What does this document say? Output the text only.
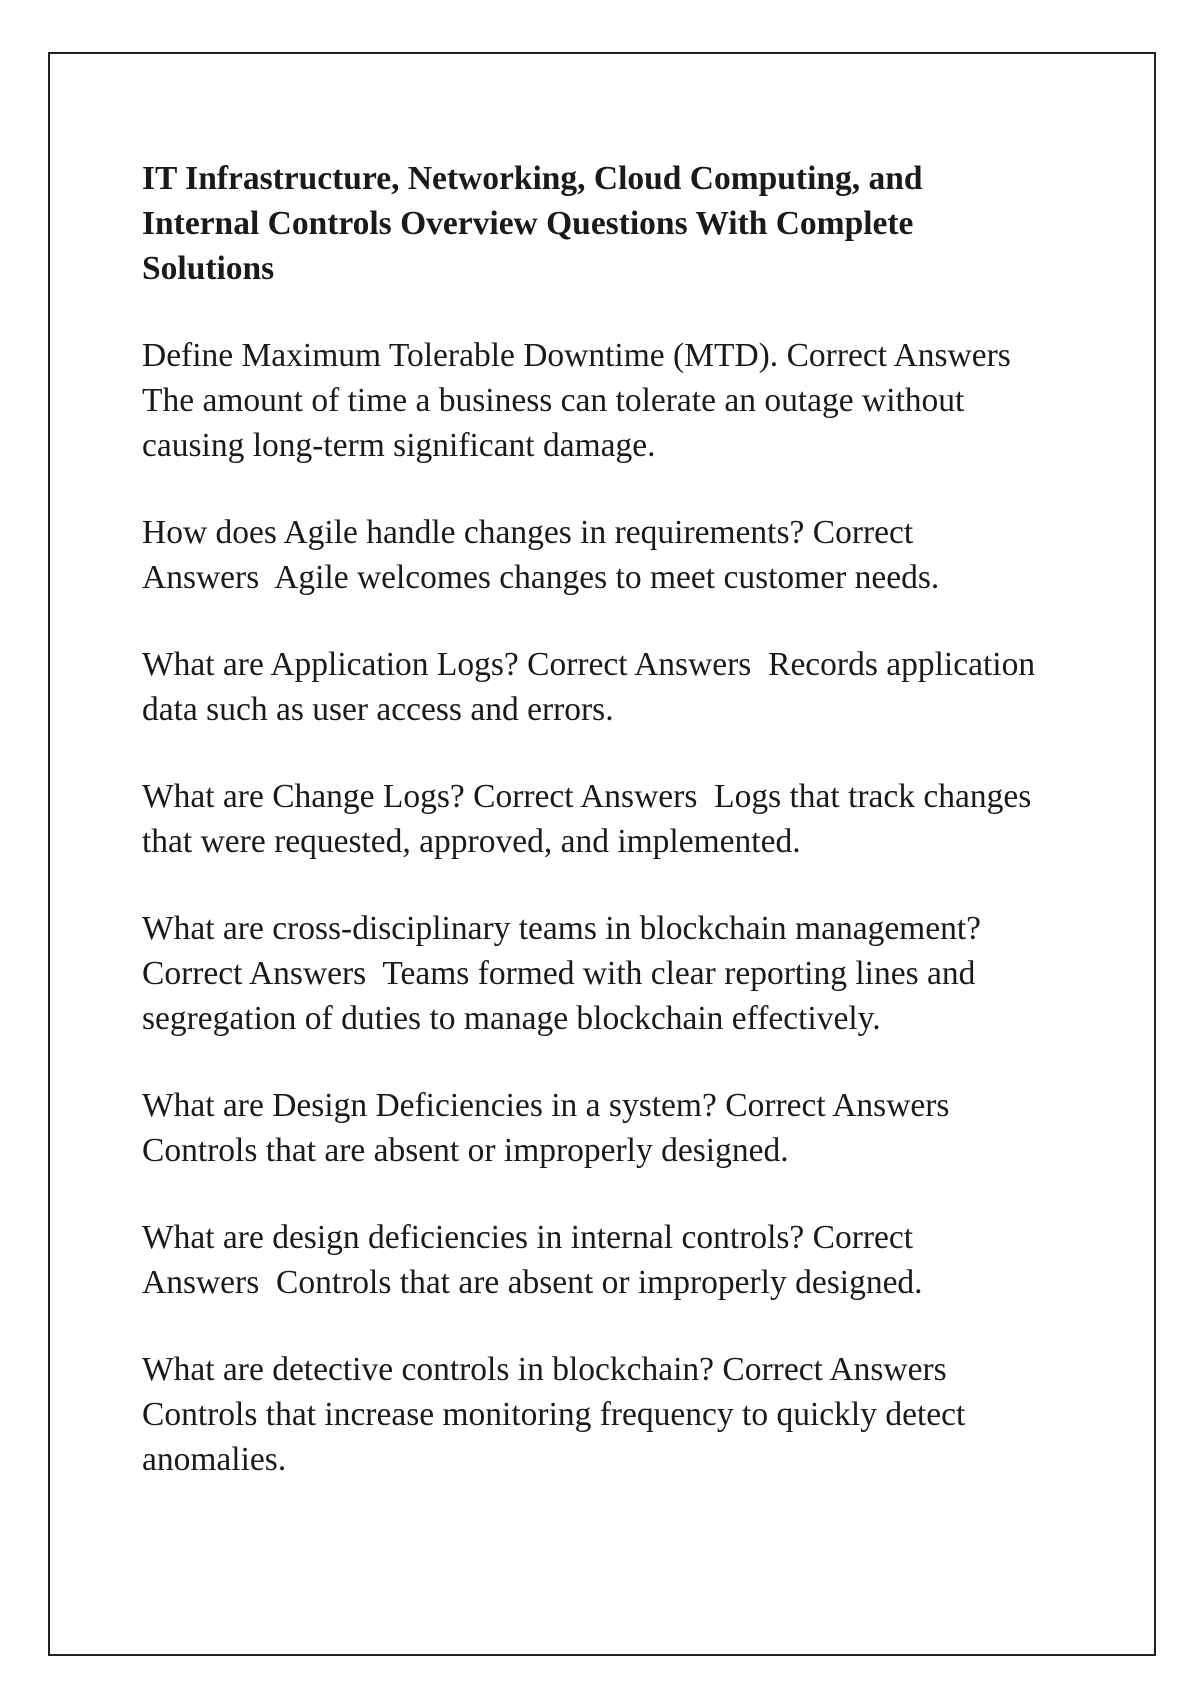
IT Infrastructure, Networking, Cloud Computing, and Internal Controls Overview Questions With Complete Solutions

Define Maximum Tolerable Downtime (MTD). Correct Answers  The amount of time a business can tolerate an outage without causing long-term significant damage.

How does Agile handle changes in requirements? Correct Answers Agile welcomes changes to meet customer needs.

What are Application Logs? Correct Answers Records application data such as user access and errors.

What are Change Logs? Correct Answers Logs that track changes that were requested, approved, and implemented.

What are cross-disciplinary teams in blockchain management? Correct Answers Teams formed with clear reporting lines and segregation of duties to manage blockchain effectively.

What are Design Deficiencies in a system? Correct Answers  Controls that are absent or improperly designed.

What are design deficiencies in internal controls? Correct Answers Controls that are absent or improperly designed.

What are detective controls in blockchain? Correct Answers  Controls that increase monitoring frequency to quickly detect anomalies.
